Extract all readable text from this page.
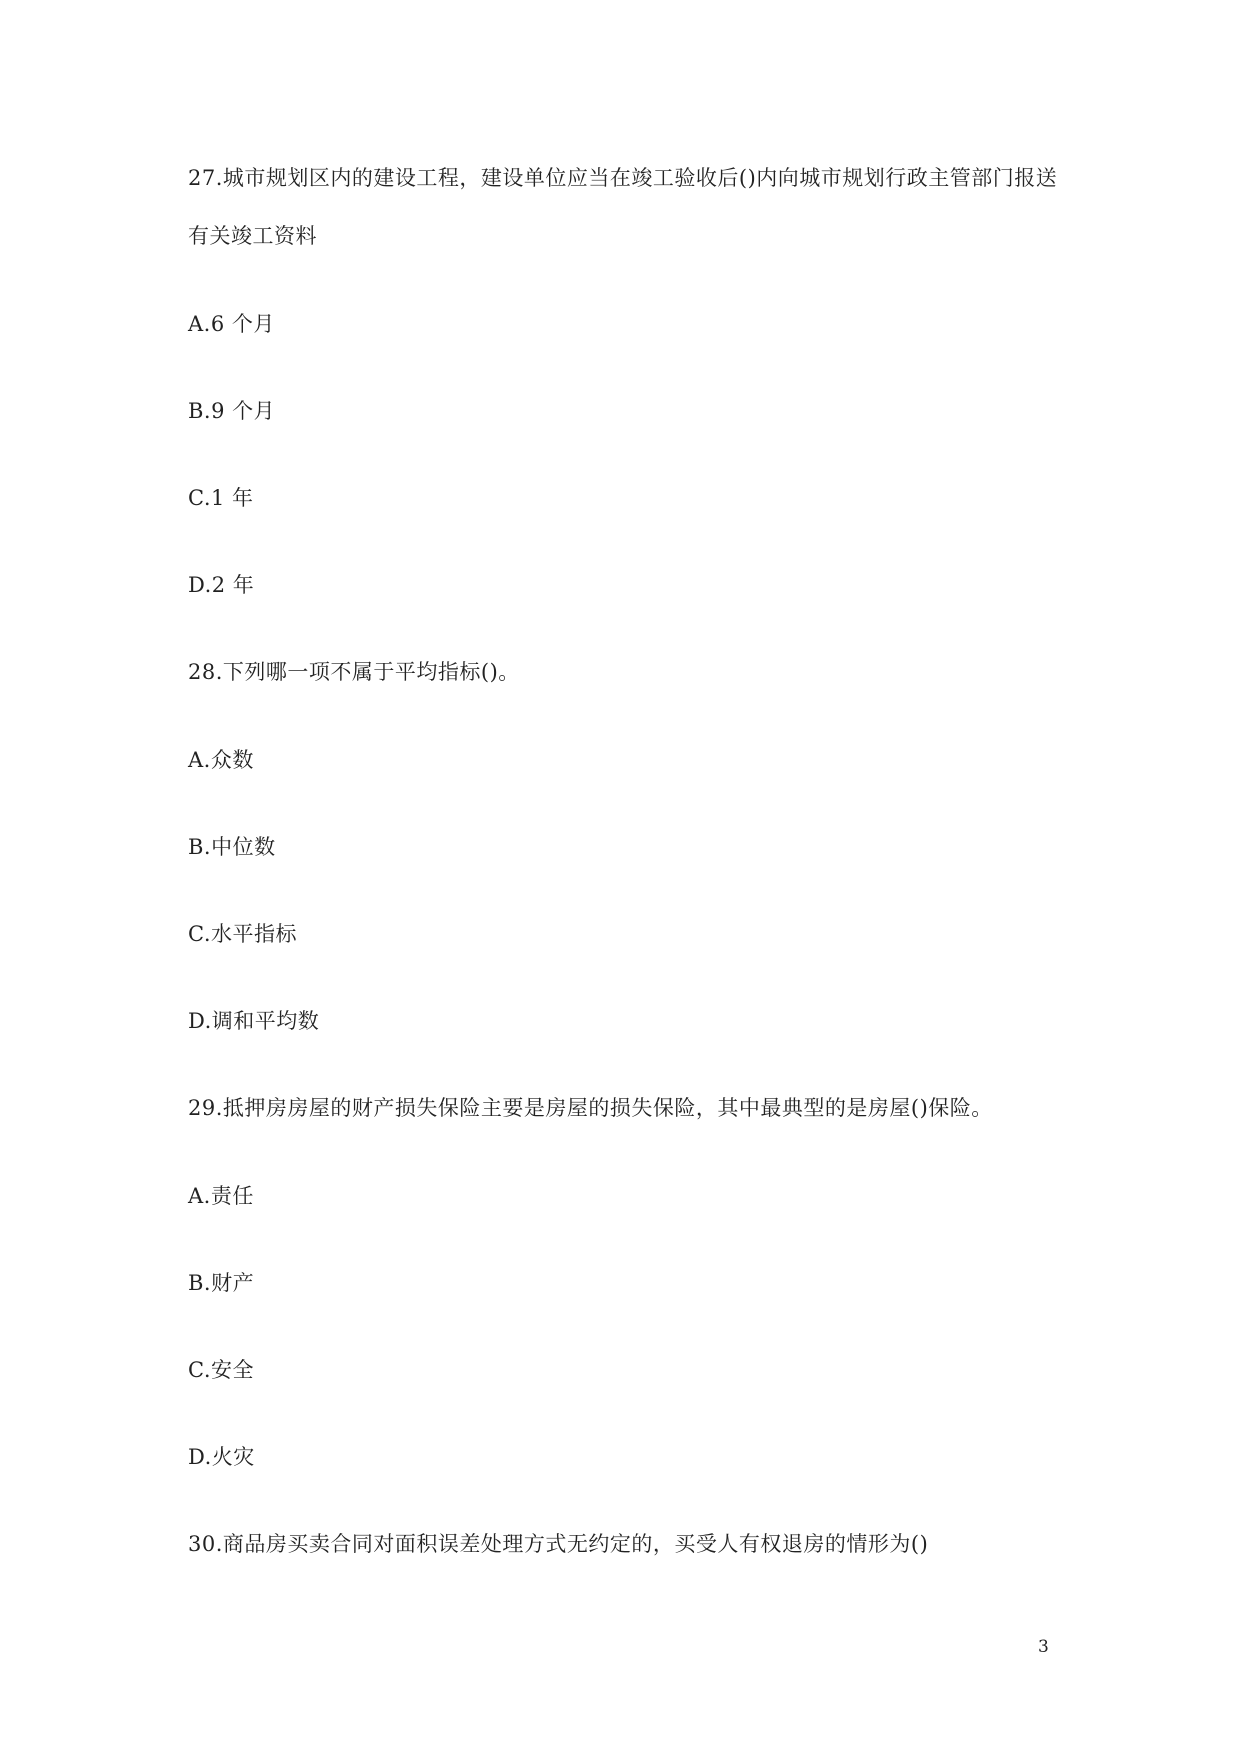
27.城市规划区内的建设工程，建设单位应当在竣工验收后()内向城市规划行政主管部门报送
有关竣工资料
A.6 个月
B.9 个月
C.1 年
D.2 年
28.下列哪一项不属于平均指标()。
A.众数
B.中位数
C.水平指标
D.调和平均数
29.抵押房房屋的财产损失保险主要是房屋的损失保险，其中最典型的是房屋()保险。
A.责任
B.财产
C.安全
D.火灾
30.商品房买卖合同对面积误差处理方式无约定的，买受人有权退房的情形为()
3
